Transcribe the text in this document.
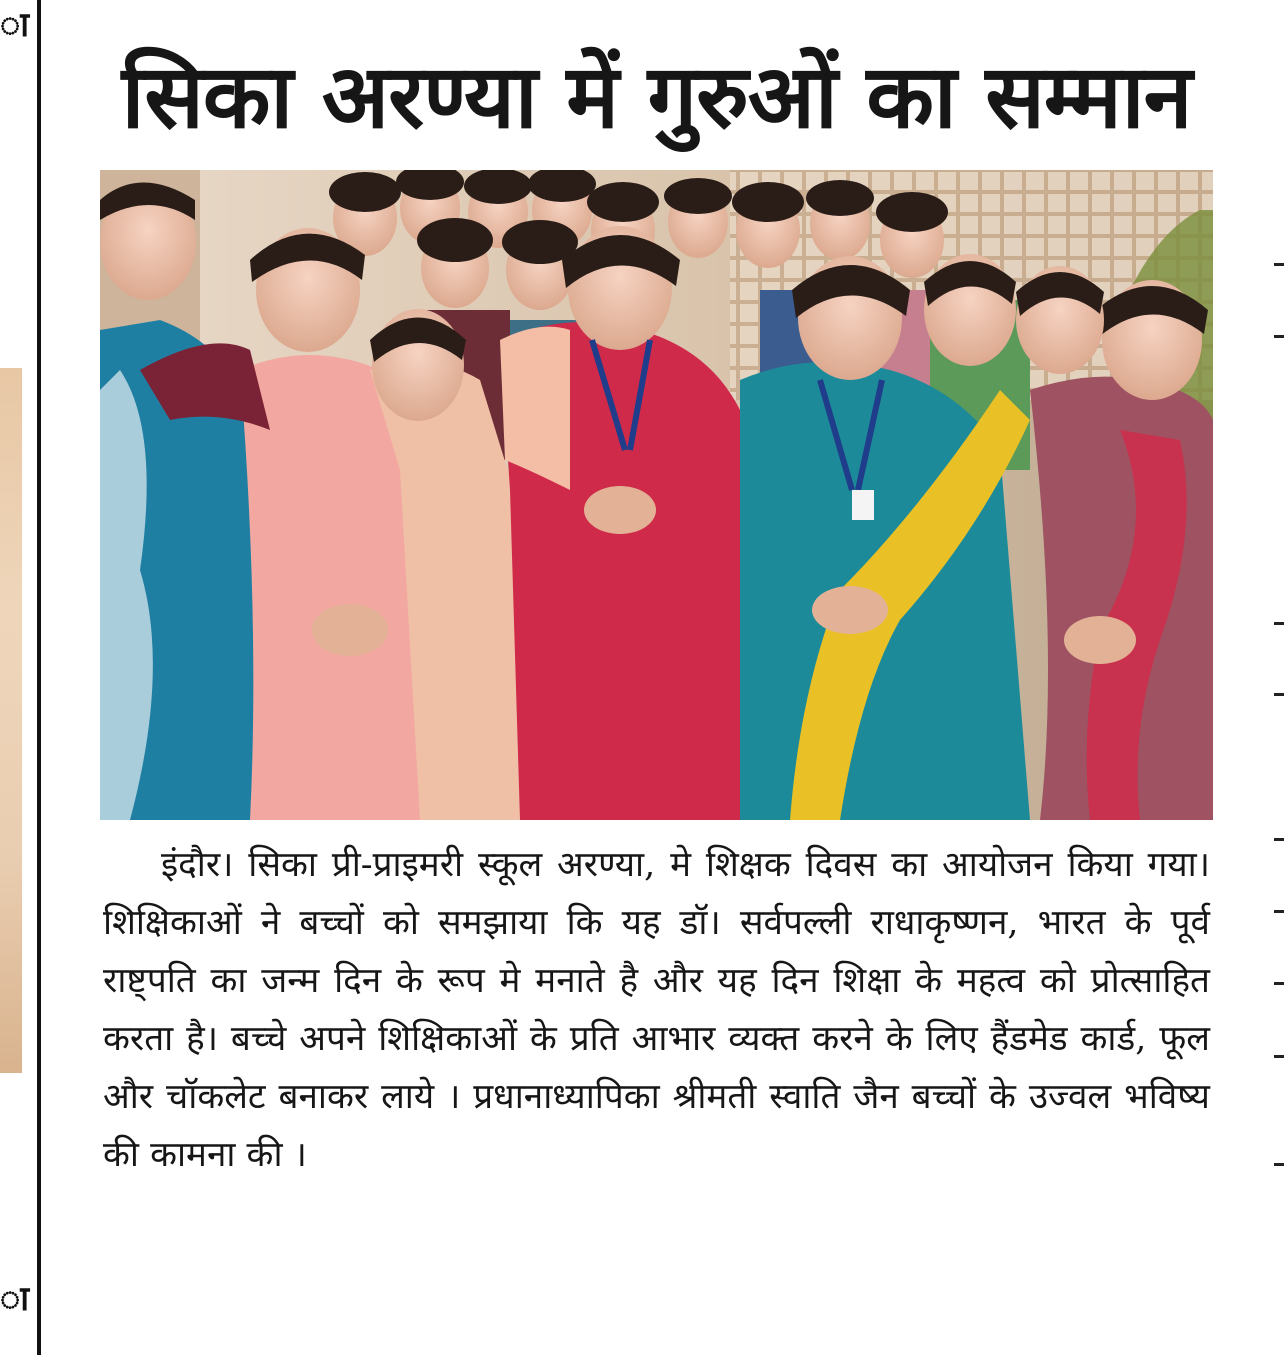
ा
ा
सिका अरण्या में गुरुओं का सम्मान
इंदौर। सिका प्री-प्राइमरी स्कूल अरण्या, मे शिक्षक दिवस का आयोजन किया गया। शिक्षिकाओं ने बच्चों को समझाया कि यह डॉ। सर्वपल्ली राधाकृष्णन, भारत के पूर्व राष्ट्पति का जन्म दिन के रूप मे मनाते है और यह दिन शिक्षा के महत्व को प्रोत्साहित करता है। बच्चे अपने शिक्षिकाओं के प्रति आभार व्यक्त करने के लिए हैंडमेड कार्ड, फूल और चॉकलेट बनाकर लाये । प्रधानाध्यापिका श्रीमती स्वाति जैन बच्चों के उज्वल भविष्य की कामना की ।
